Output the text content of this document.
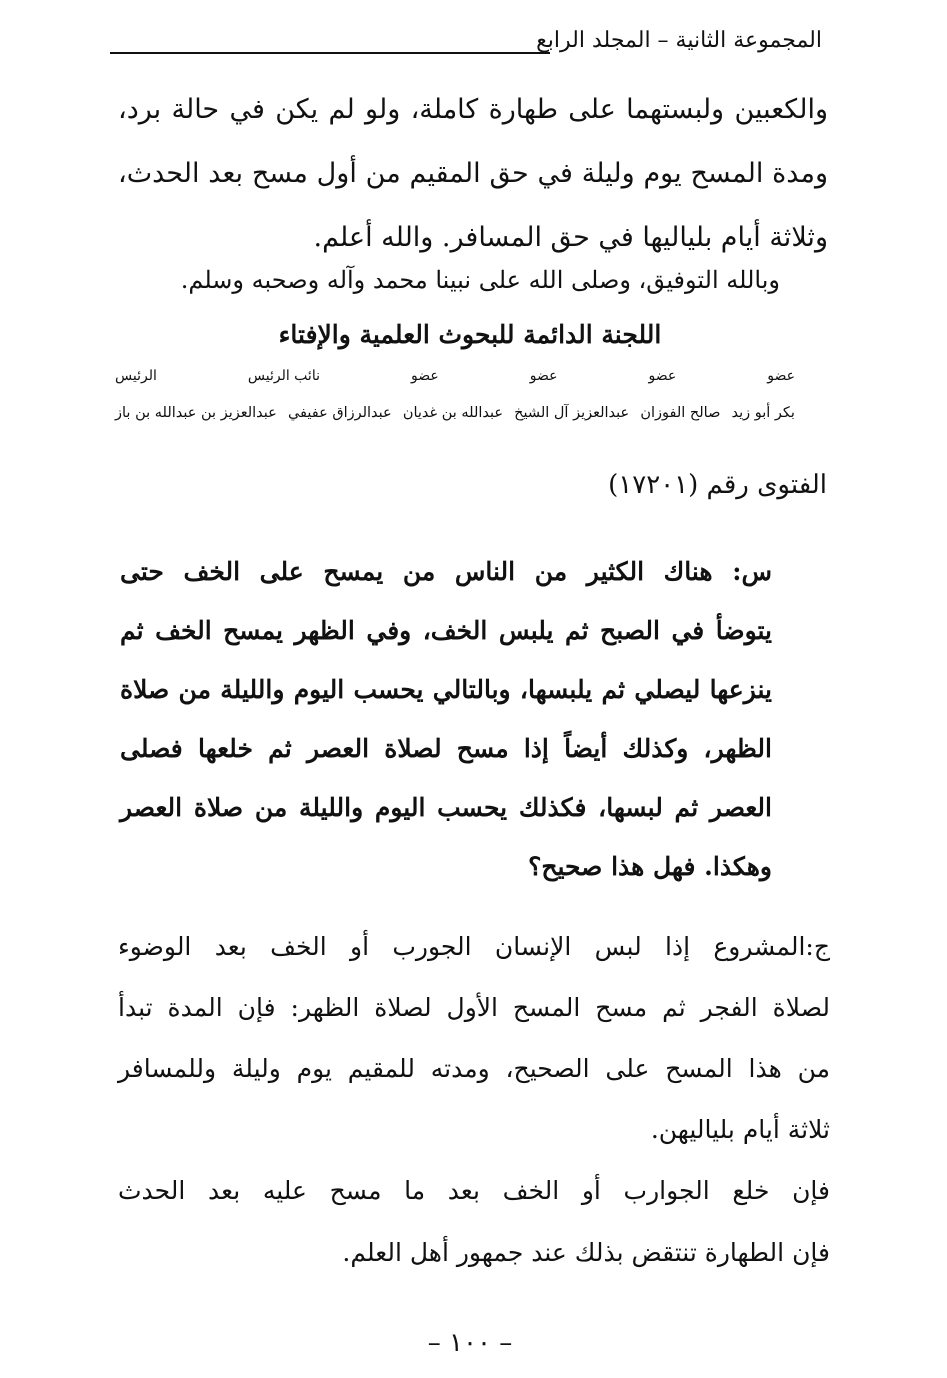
المجموعة الثانية – المجلد الرابع
والكعبين ولبستهما على طهارة كاملة، ولو لم يكن في حالة برد،
ومدة المسح يوم وليلة في حق المقيم من أول مسح بعد الحدث،
وثلاثة أيام بلياليها في حق المسافر. والله أعلم.
وبالله التوفيق، وصلى الله على نبينا محمد وآله وصحبه وسلم.
اللجنة الدائمة للبحوث العلمية والإفتاء
عضو
عضو
عضو
عضو
نائب الرئيس
الرئيس
بكر أبو زيد
صالح الفوزان
عبدالعزيز آل الشيخ
عبدالله بن غديان
عبدالرزاق عفيفي
عبدالعزيز بن عبدالله بن باز
الفتوى رقم (١٧٢٠١)
س: هناك الكثير من الناس من يمسح على الخف حتى
يتوضأ في الصبح ثم يلبس الخف، وفي الظهر يمسح الخف ثم
ينزعها ليصلي ثم يلبسها، وبالتالي يحسب اليوم والليلة من صلاة
الظهر، وكذلك أيضاً إذا مسح لصلاة العصر ثم خلعها فصلى
العصر ثم لبسها، فكذلك يحسب اليوم والليلة من صلاة العصر
وهكذا. فهل هذا صحيح؟
ج:المشروع إذا لبس الإنسان الجورب أو الخف بعد الوضوء
لصلاة الفجر ثم مسح المسح الأول لصلاة الظهر: فإن المدة تبدأ
من هذا المسح على الصحيح، ومدته للمقيم يوم وليلة وللمسافر
ثلاثة أيام بلياليهن.
فإن خلع الجوارب أو الخف بعد ما مسح عليه بعد الحدث
فإن الطهارة تنتقض بذلك عند جمهور أهل العلم.
– ١٠٠ –
